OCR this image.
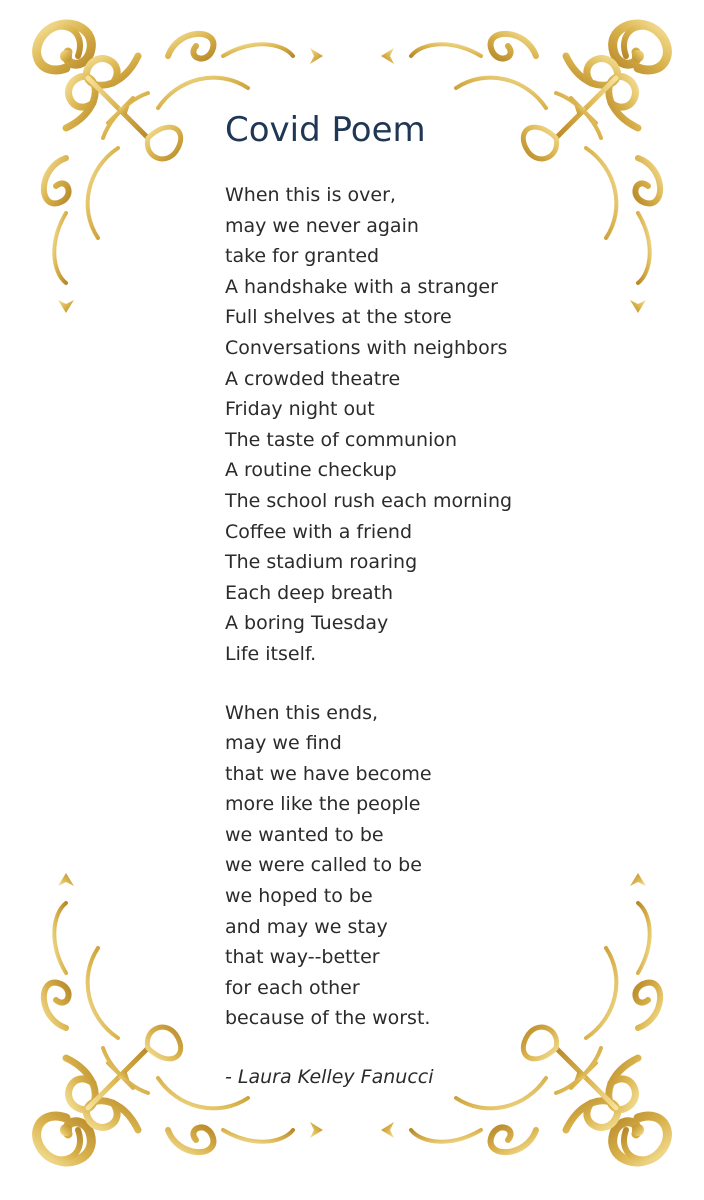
Covid Poem
When this is over,
may we never again
take for granted
A handshake with a stranger
Full shelves at the store
Conversations with neighbors
A crowded theatre
Friday night out
The taste of communion
A routine checkup
The school rush each morning
Coffee with a friend
The stadium roaring
Each deep breath
A boring Tuesday
Life itself.
When this ends,
may we find
that we have become
more like the people
we wanted to be
we were called to be
we hoped to be
and may we stay
that way--better
for each other
because of the worst.
- Laura Kelley Fanucci
